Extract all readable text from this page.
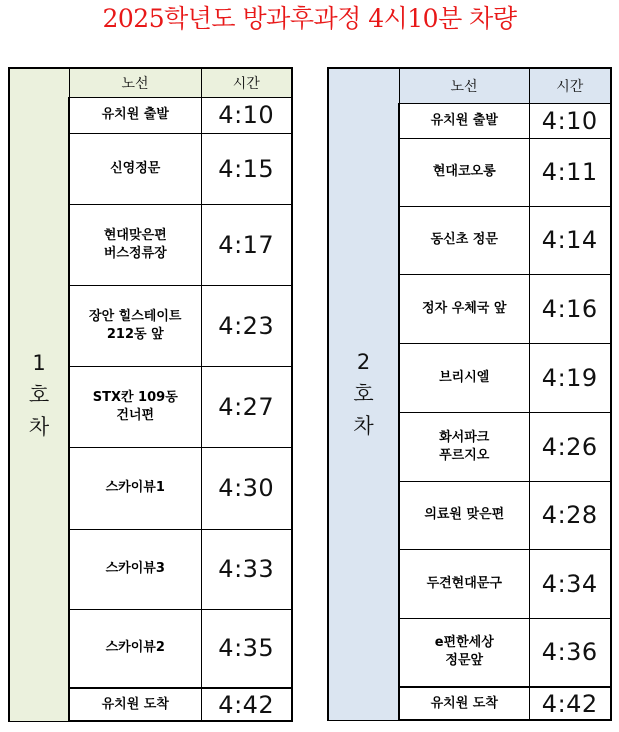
2025학년도 방과후과정 4시10분 차량
1
호
차	노선	시간

	유치원 출발	4:10

	신영정문	4:15

	현대맞은편
버스정류장	4:17

	장안 힐스테이트
212동 앞	4:23

	STX칸 109동
건너편	4:27

	스카이뷰1	4:30

	스카이뷰3	4:33

	스카이뷰2	4:35

	유치원 도착	4:42
2
호
차	노선	시간

	유치원 출발	4:10

	현대코오롱	4:11

	동신초 정문	4:14

	정자 우체국 앞	4:16

	브리시엘	4:19

	화서파크
푸르지오	4:26

	의료원 맞은편	4:28

	두견현대문구	4:34

	e편한세상
정문앞	4:36

	유치원 도착	4:42
